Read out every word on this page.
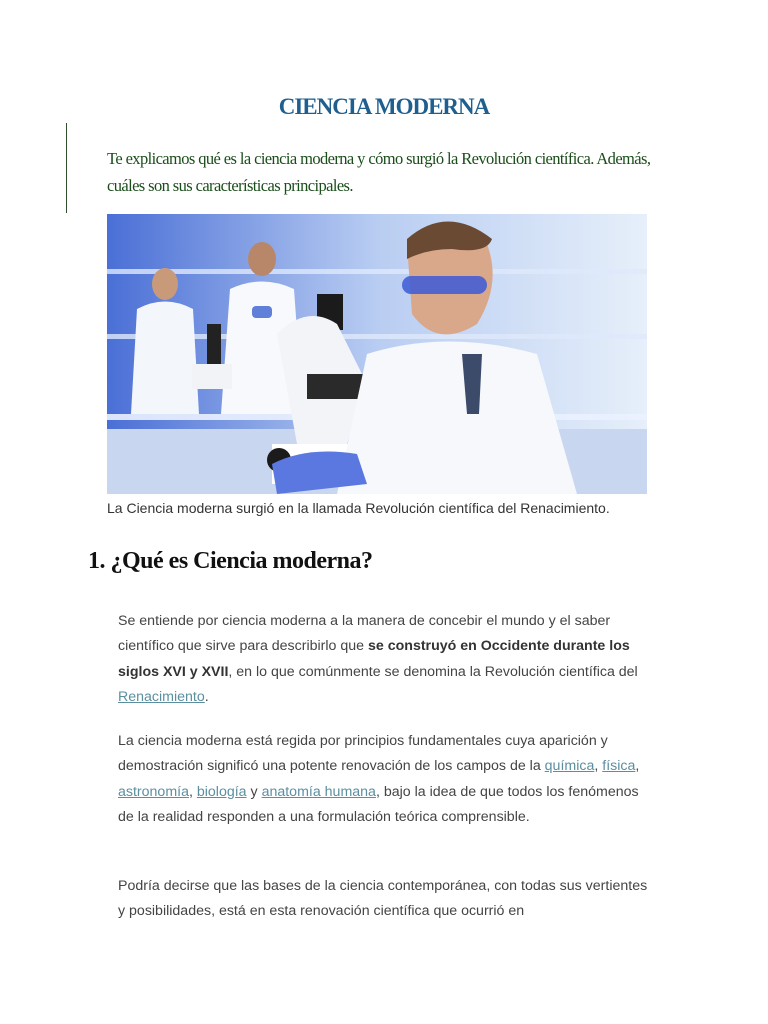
CIENCIA MODERNA

Te explicamos qué es la ciencia moderna y cómo surgió la Revolución científica. Además, cuáles son sus características principales.

La Ciencia moderna surgió en la llamada Revolución científica del Renacimiento.

1. ¿Qué es Ciencia moderna?

Se entiende por ciencia moderna a la manera de concebir el mundo y el saber científico que sirve para describirlo que se construyó en Occidente durante los siglos XVI y XVII, en lo que comúnmente se denomina la Revolución científica del Renacimiento.

La ciencia moderna está regida por principios fundamentales cuya aparición y demostración significó una potente renovación de los campos de la química, física, astronomía, biología y anatomía humana, bajo la idea de que todos los fenómenos de la realidad responden a una formulación teórica comprensible.

Podría decirse que las bases de la ciencia contemporánea, con todas sus vertientes y posibilidades, está en esta renovación científica que ocurrió en
